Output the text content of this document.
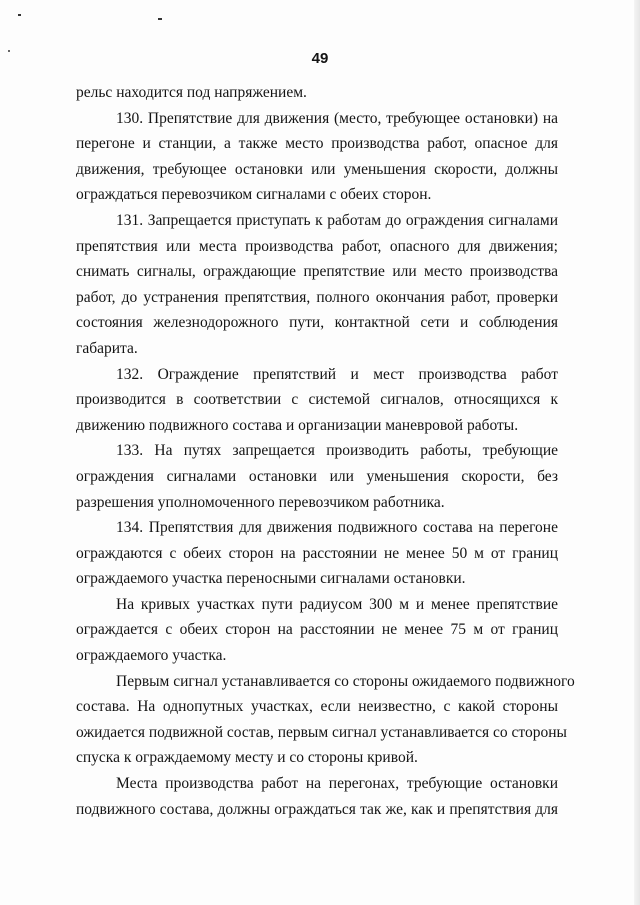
49
рельс находится под напряжением.
130. Препятствие для движения (место, требующее остановки) на
перегоне и станции, а также место производства работ, опасное для
движения, требующее остановки или уменьшения скорости, должны
ограждаться перевозчиком сигналами с обеих сторон.
131. Запрещается приступать к работам до ограждения сигналами
препятствия или места производства работ, опасного для движения;
снимать сигналы, ограждающие препятствие или место производства
работ, до устранения препятствия, полного окончания работ, проверки
состояния железнодорожного пути, контактной сети и соблюдения
габарита.
132. Ограждение препятствий и мест производства работ
производится в соответствии с системой сигналов, относящихся к
движению подвижного состава и организации маневровой работы.
133. На путях запрещается производить работы, требующие
ограждения сигналами остановки или уменьшения скорости, без
разрешения уполномоченного перевозчиком работника.
134. Препятствия для движения подвижного состава на перегоне
ограждаются с обеих сторон на расстоянии не менее 50 м от границ
ограждаемого участка переносными сигналами остановки.
На кривых участках пути радиусом 300 м и менее препятствие
ограждается с обеих сторон на расстоянии не менее 75 м от границ
ограждаемого участка.
Первым сигнал устанавливается со стороны ожидаемого подвижного
состава. На однопутных участках, если неизвестно, с какой стороны
ожидается подвижной состав, первым сигнал устанавливается со стороны
спуска к ограждаемому месту и со стороны кривой.
Места производства работ на перегонах, требующие остановки
подвижного состава, должны ограждаться так же, как и препятствия для
